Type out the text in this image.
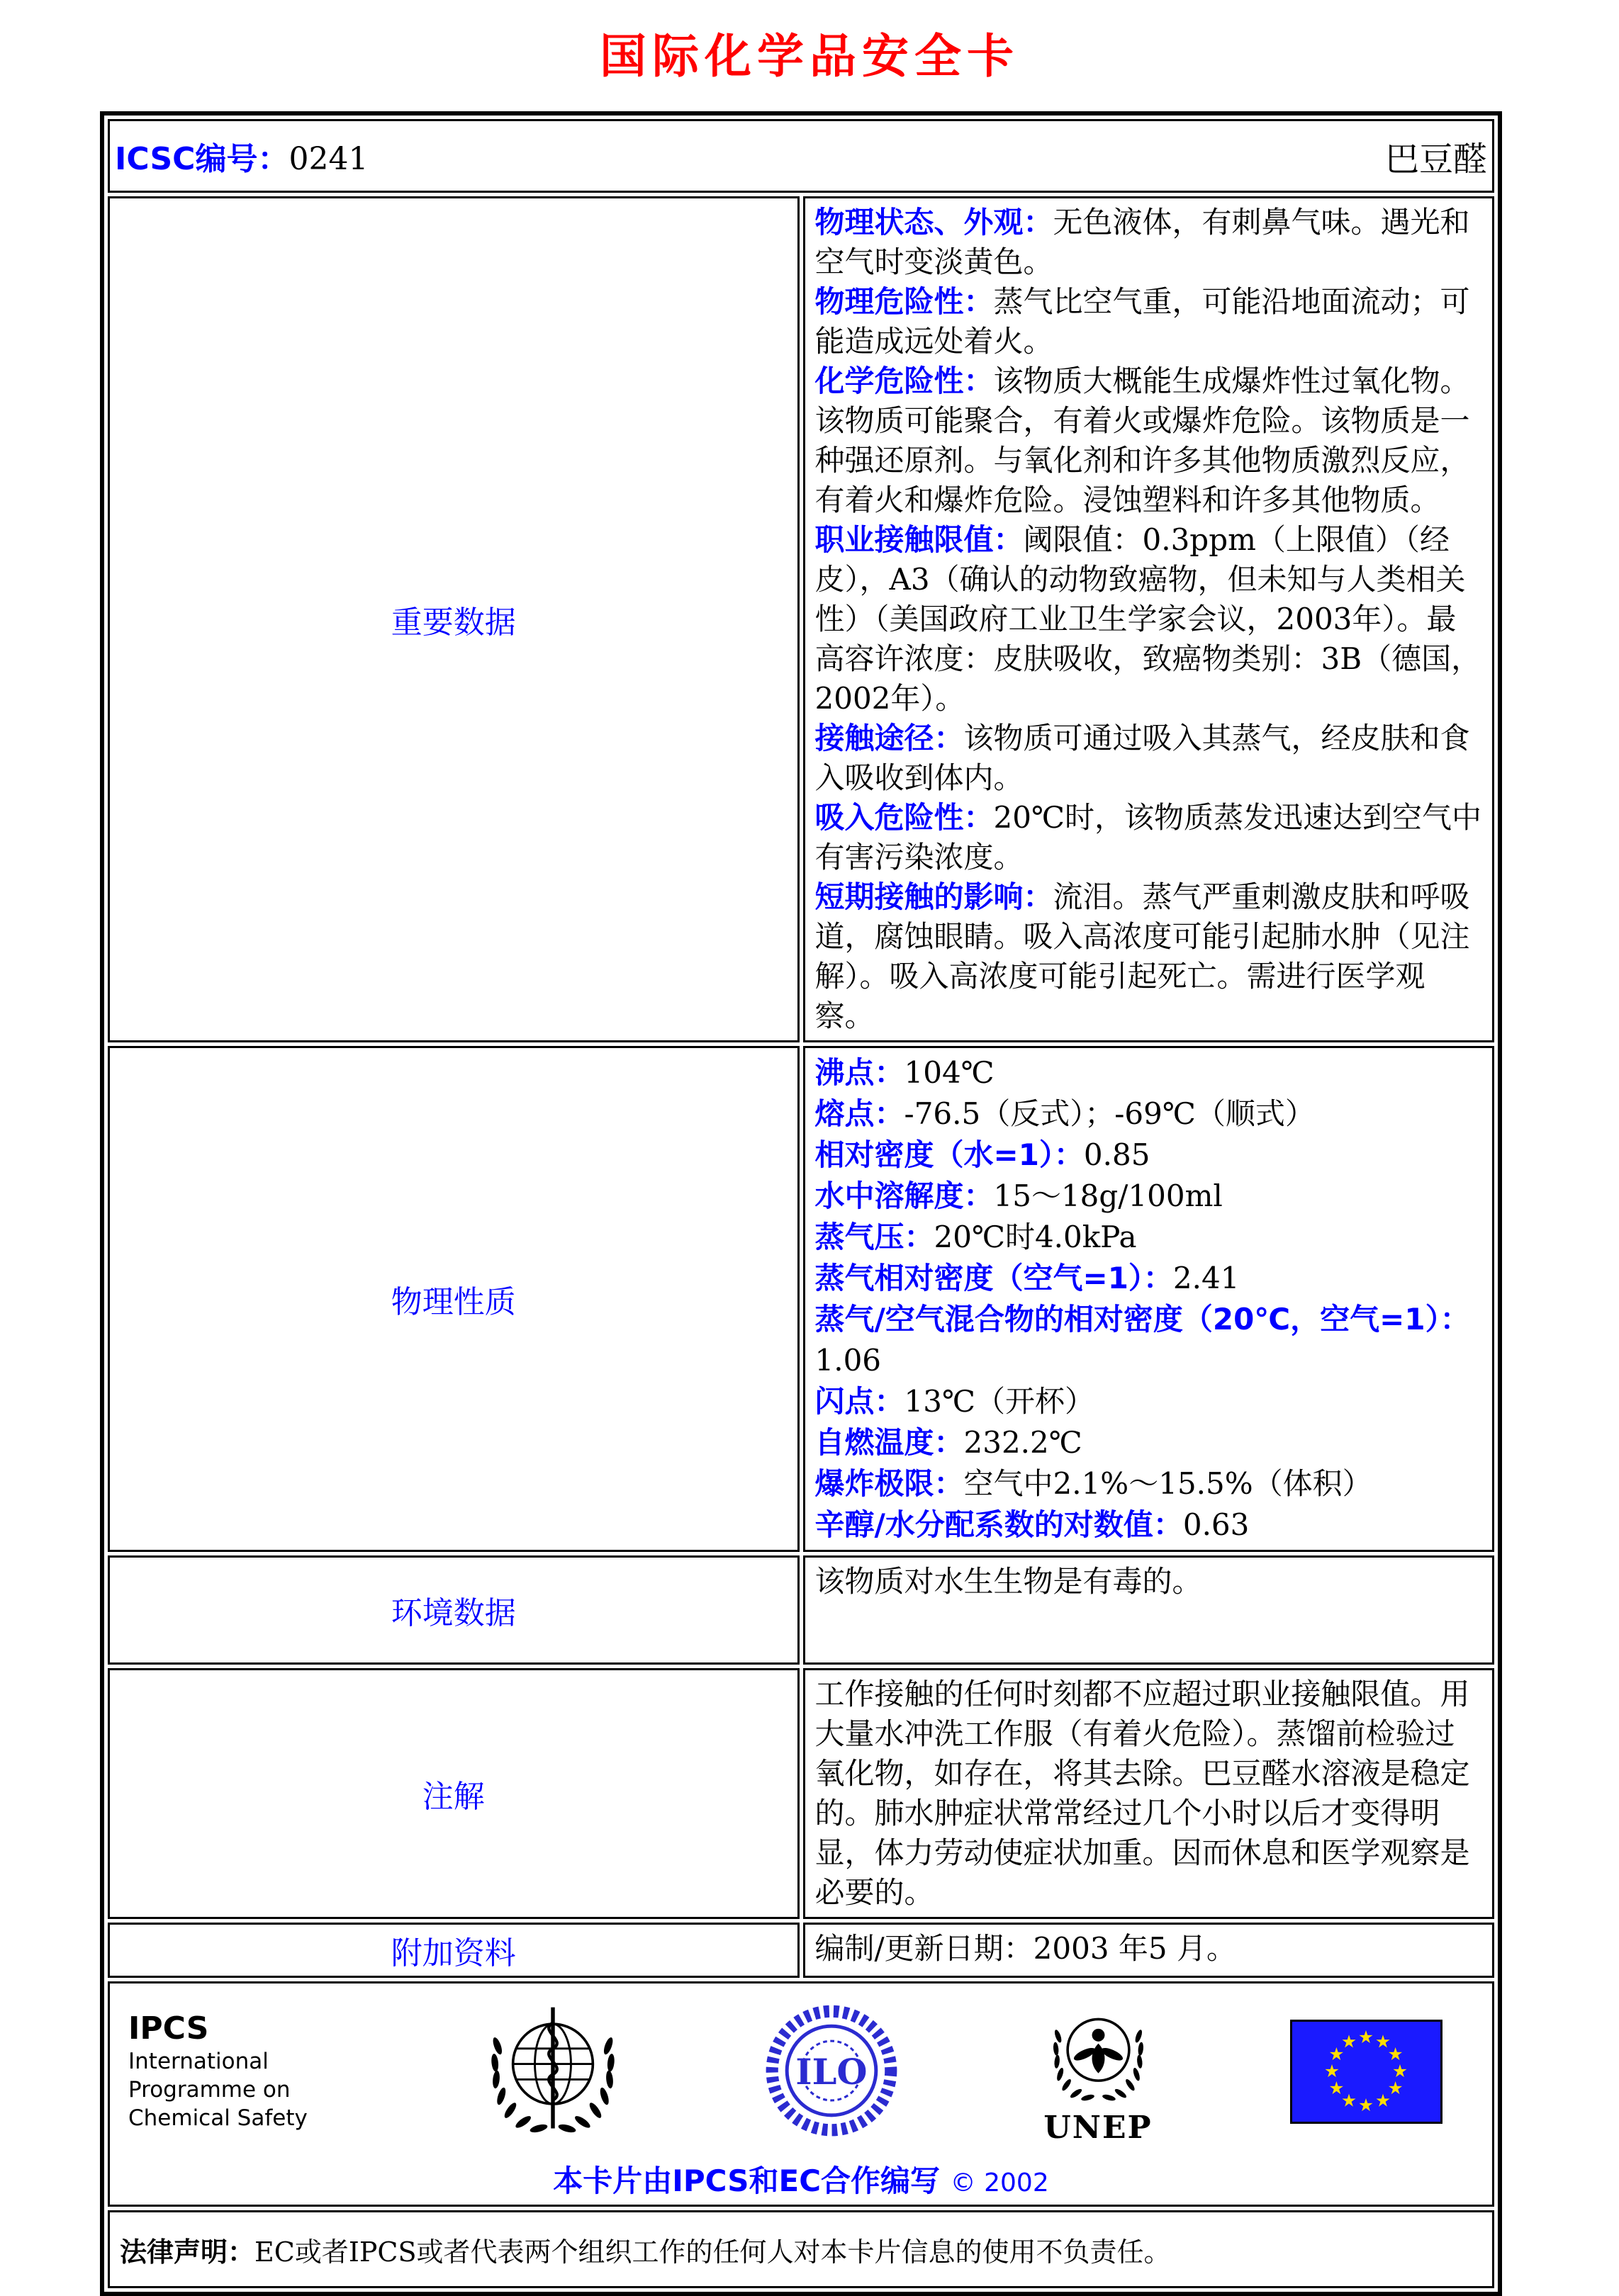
国际化学品安全卡
ICSC编号：0241 巴豆醛	

重要数据	
物理状态、外观：无色液体，有刺鼻气味。遇光和空气时变淡黄色。
物理危险性：蒸气比空气重，可能沿地面流动；可能造成远处着火。
化学危险性：该物质大概能生成爆炸性过氧化物。该物质可能聚合，有着火或爆炸危险。该物质是一种强还原剂。与氧化剂和许多其他物质激烈反应，有着火和爆炸危险。浸蚀塑料和许多其他物质。
职业接触限值：阈限值：0.3ppm（上限值）（经皮），A3（确认的动物致癌物，但未知与人类相关性）（美国政府工业卫生学家会议，2003年）。最高容许浓度：皮肤吸收，致癌物类别：3B（德国，2002年）。
接触途径：该物质可通过吸入其蒸气，经皮肤和食入吸收到体内。
吸入危险性：20℃时，该物质蒸发迅速达到空气中有害污染浓度。
短期接触的影响：流泪。蒸气严重刺激皮肤和呼吸道，腐蚀眼睛。吸入高浓度可能引起肺水肿（见注解）。吸入高浓度可能引起死亡。需进行医学观察。

物理性质	
沸点：104℃
熔点：-76.5（反式）；-69℃（顺式）
相对密度（水=1）：0.85
水中溶解度：15～18g/100ml
蒸气压：20℃时4.0kPa
蒸气相对密度（空气=1）：2.41
蒸气/空气混合物的相对密度（20℃，空气=1）：1.06
闪点：13℃（开杯）
自燃温度：232.2℃
爆炸极限：空气中2.1%～15.5%（体积）
辛醇/水分配系数的对数值：0.63

环境数据	该物质对水生生物是有毒的。
注解	工作接触的任何时刻都不应超过职业接触限值。用大量水冲洗工作服（有着火危险）。蒸馏前检验过氧化物，如存在，将其去除。巴豆醛水溶液是稳定的。肺水肿症状常常经过几个小时以后才变得明显，体力劳动使症状加重。因而休息和医学观察是必要的。
附加资料	编制/更新日期：2003 年5 月。

IPCS
International
Programme on
Chemical Safety
ILO
UNEP
本卡片由IPCS和EC合作编写 © 2002

法律声明：EC或者IPCS或者代表两个组织工作的任何人对本卡片信息的使用不负责任。	
